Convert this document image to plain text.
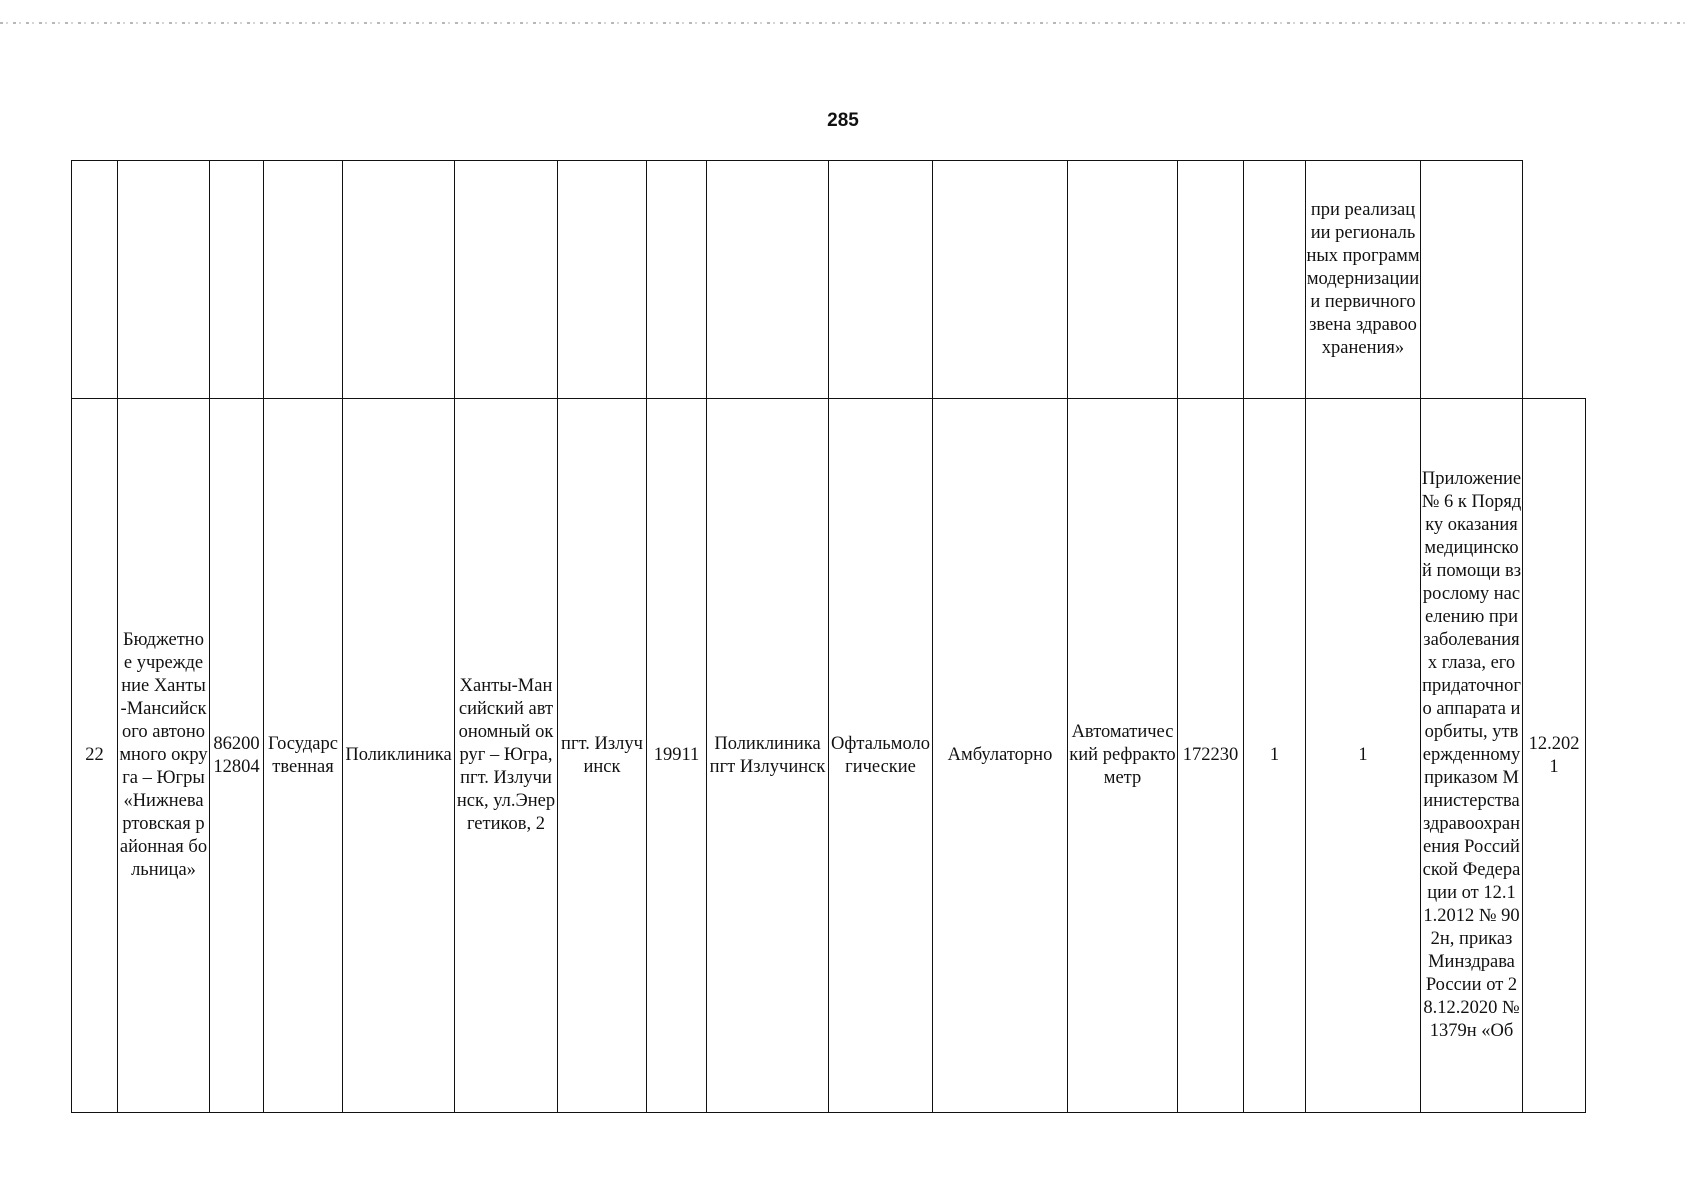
285
														при реализации региональных программ модернизации и первичного звена здравоохранения»		
22	Бюджетное учреждение Ханты-Мансийского автономного округа – Югры «Нижневартовская районная больница»	8620012804	Государственная	Поликлиника	Ханты-Мансийский автономный округ – Югра, пгт. Излучинск, ул.Энергетиков, 2	пгт. Излучинск	19911	Поликлиника пгт Излучинск	Офтальмологические	Амбулаторно	Автоматический рефрактометр	172230	1	1	Приложение № 6 к Порядку оказания медицинской помощи взрослому населению при заболеваниях глаза, его придаточного аппарата и орбиты, утвержденному приказом Министерства здравоохранения Российской Федерации от 12.11.2012 № 902н, приказ Минздрава России от 28.12.2020 № 1379н «Об	12.2021
